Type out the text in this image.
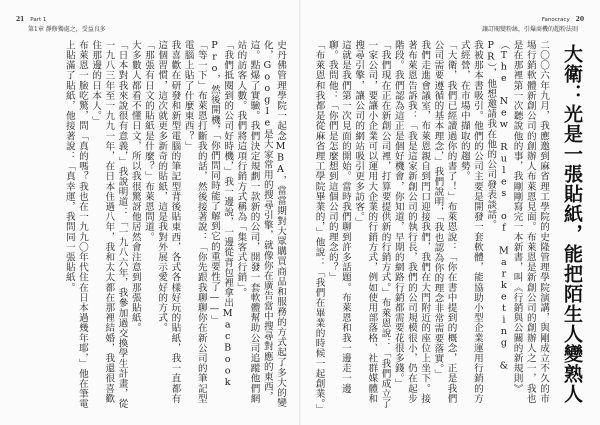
21 Part 1
第1章 靜修獨處之，受益良多
史丹佛管理學院一起念MBA，當當期對大眾購買商品和服務的方式起了多大的變化，Google是大家常用的搜尋引擎，就像你在廣告當中搜尋對應的東西，這。點爆了實驗。我們決定規劃一款新的公司，開發一套軟體幫助公司追蹤他們網站的訪客人數。我們將這項行銷方式稱為「集客式行銷」。
「我們抵閱到的公司好時機，」我一邊說，一邊從背包裡拿出MacBook Pro，然後開機，「你們問同時能了解到它的重要性了——」
「等一下」布萊恩打斷我的話，然後接著說：「你先跟我聊聊你在新公司的筆記型電腦上貼了什麼東西？」
我喜歡在研發和新型電腦的筆記型背後貼東西，各式各樣好玩的貼紙，我一直都有這個習慣，這次就更多新奇的貼紙，這是我對外展示愛好的方式。
「那張有日文的貼紙是什麼？」布萊恩問道。
大多數人都看不懂日文，所以我很驚訝他居然會注意到那張貼紙。
「日本對我來說很有意義，」我說明道：「一九八六年，我參加過交換學生計畫，從一九八三年至一九九一年，在日本住過八年，我和太太都在那裡結婚，我還很喜歡住那邊的日本人。」
布萊恩一臉吃驚，問「真的嗎？我也在一九九〇年代住在日本過幾年耶，」他在筆電上貼滿了貼紙，他接著說：「真幸運，我問同一張貼紙。
Fanocracy 20
讓訂閱變粉絲，引爆商機的超粉法則
大衛：光是一張貼紙，能把陌生人變熟人
二〇〇六年九月，我應邀到麻省理工學院的史隆管理學院演講，與剛成立不久的市場行銷軟體新創公司的創辦人布萊恩見面。布萊恩是新創公司的創辦人之一，我也是在那裡第一次聽說他的事，我剛剛寫完一本新書，叫《行銷與公關的新規則》（The New Rules of Marketing & PR），他想邀請我在他的公司發表談話。
我被那本書吸引。他們的公司主要是開發一套軟體，能協助小型企業運用行銷的方式經營，在市場中擷取的趨勢。
「大衛，我們已經讀過你的書了！」布萊恩說：「你在書中提到的概念，正是我們公司需要遵循的基本理念，」我們說明，「我也認為你的理念非常需要落實。」
我們走進會議室，布萊恩親自到門口迎接我們，我們在大門附近的座位上坐下。接著布萊恩告訴我：「我是這家新創公司的執行長，我們的公司規模很小，仍在起步階段。我們認為這正是個好機會，你知道，早期的網路行銷都需要花很多錢。」
「我們現在正在新創公司裡，打算要提供新的行銷方式。」布萊恩說：「我們成立了一家公司，要讓小企業可以運用大企業的行銷方式，例如使用部落格、社群媒體和搜尋引擎，讓公司的網站吸引更多訪客。」
這就是我們第一次見面的開始。當時我們聊到許多話題。布萊恩和我一邊走一邊聊。我問他：「你們是怎麼想到這個公司的理念的？」
「布萊恩和我都是從麻省理工學院畢業的，」他說：「我們在畢業的時候一起創業。」
